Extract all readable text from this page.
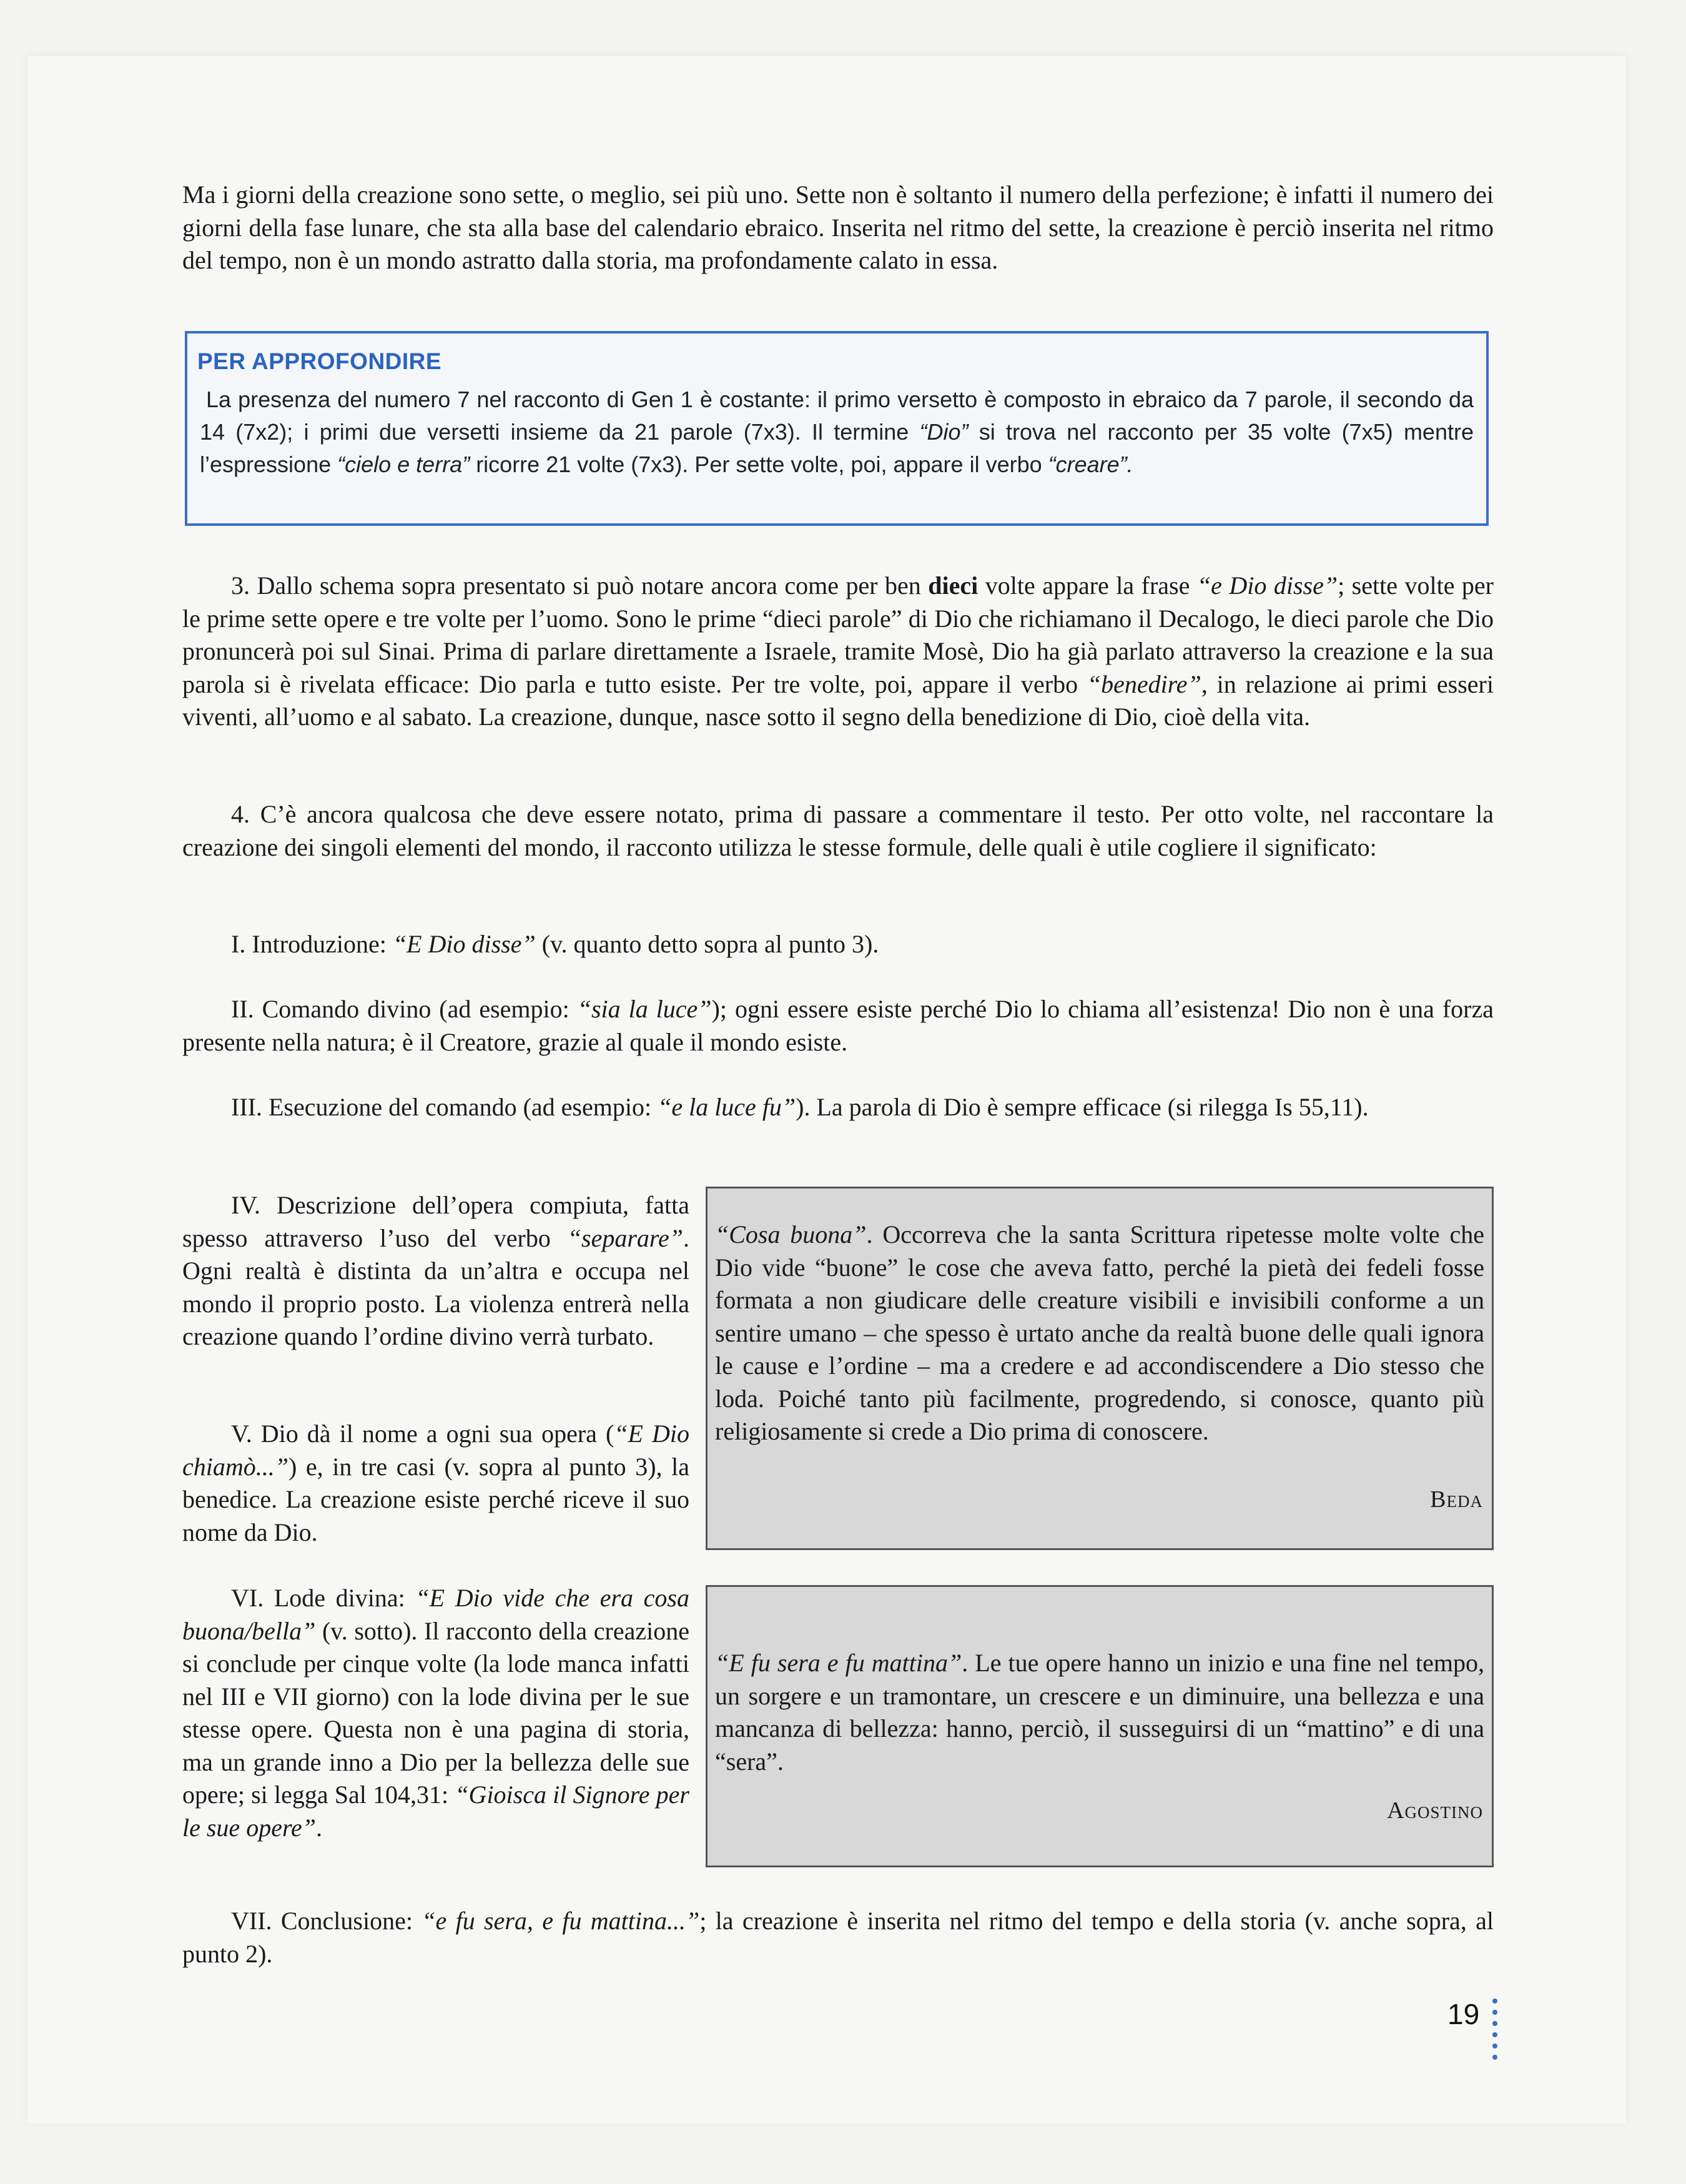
Ma i giorni della creazione sono sette, o meglio, sei più uno. Sette non è soltanto il numero della perfezione; è infatti il numero dei giorni della fase lunare, che sta alla base del calendario ebraico. Inserita nel ritmo del sette, la creazione è perciò inserita nel ritmo del tempo, non è un mondo astratto dalla storia, ma profondamente calato in essa.

PER APPROFONDIRE

La presenza del numero 7 nel racconto di Gen 1 è costante: il primo versetto è composto in ebraico da 7 parole, il secondo da 14 (7x2); i primi due versetti insieme da 21 parole (7x3). Il termine “Dio” si trova nel racconto per 35 volte (7x5) mentre l’espressione “cielo e terra” ricorre 21 volte (7x3). Per sette volte, poi, appare il verbo “creare”.

3. Dallo schema sopra presentato si può notare ancora come per ben dieci volte appare la frase “e Dio disse”; sette volte per le prime sette opere e tre volte per l’uomo. Sono le prime “dieci parole” di Dio che richiamano il Decalogo, le dieci parole che Dio pronuncerà poi sul Sinai. Prima di parlare direttamente a Israele, tramite Mosè, Dio ha già parlato attraverso la creazione e la sua parola si è rivelata efficace: Dio parla e tutto esiste. Per tre volte, poi, appare il verbo “benedire”, in relazione ai primi esseri viventi, all’uomo e al sabato. La creazione, dunque, nasce sotto il segno della benedizione di Dio, cioè della vita.

4. C’è ancora qualcosa che deve essere notato, prima di passare a commentare il testo. Per otto volte, nel raccontare la creazione dei singoli elementi del mondo, il racconto utilizza le stesse formule, delle quali è utile cogliere il significato:

I. Introduzione: “E Dio disse” (v. quanto detto sopra al punto 3).

II. Comando divino (ad esempio: “sia la luce”); ogni essere esiste perché Dio lo chiama all’esistenza! Dio non è una forza presente nella natura; è il Creatore, grazie al quale il mondo esiste.

III. Esecuzione del comando (ad esempio: “e la luce fu”). La parola di Dio è sempre efficace (si rilegga Is 55,11).

IV. Descrizione dell’opera compiuta, fatta spesso attraverso l’uso del verbo “separare”. Ogni realtà è distinta da un’altra e occupa nel mondo il proprio posto. La violenza entrerà nella creazione quando l’ordine divino verrà turbato.

V. Dio dà il nome a ogni sua opera (“E Dio chiamò...”) e, in tre casi (v. sopra al punto 3), la benedice. La creazione esiste perché riceve il suo nome da Dio.

VI. Lode divina: “E Dio vide che era cosa buona/bella” (v. sotto). Il racconto della creazione si conclude per cinque volte (la lode manca infatti nel III e VII giorno) con la lode divina per le sue stesse opere. Questa non è una pagina di storia, ma un grande inno a Dio per la bellezza delle sue opere; si legga Sal 104,31: “Gioisca il Signore per le sue opere”.

VII. Conclusione: “e fu sera, e fu mattina...”; la creazione è inserita nel ritmo del tempo e della storia (v. anche sopra, al punto 2).

“Cosa buona”. Occorreva che la santa Scrittura ripetesse molte volte che Dio vide “buone” le cose che aveva fatto, perché la pietà dei fedeli fosse formata a non giudicare delle creature visibili e invisibili conforme a un sentire umano – che spesso è urtato anche da realtà buone delle quali ignora le cause e l’ordine – ma a credere e ad accondiscendere a Dio stesso che loda. Poiché tanto più facilmente, progredendo, si conosce, quanto più religiosamente si crede a Dio prima di conoscere.

Beda

“E fu sera e fu mattina”. Le tue opere hanno un inizio e una fine nel tempo, un sorgere e un tramontare, un crescere e un diminuire, una bellezza e una mancanza di bellezza: hanno, perciò, il susseguirsi di un “mattino” e di una “sera”.

Agostino

19
